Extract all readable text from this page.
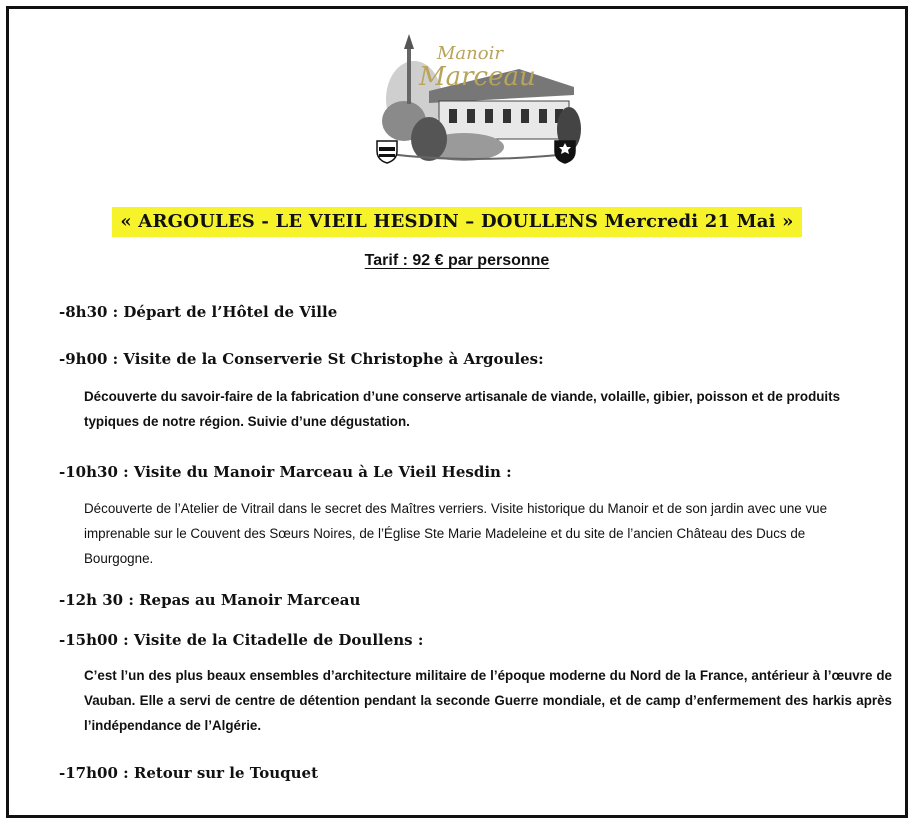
Manoir
Marceau
« ARGOULES - LE VIEIL HESDIN – DOULLENS Mercredi 21 Mai »
Tarif : 92 € par personne
-8h30 : Départ de l’Hôtel de Ville
-9h00 : Visite de la Conserverie St Christophe à Argoules:
Découverte du savoir-faire de la fabrication d’une conserve artisanale de viande, volaille, gibier, poisson et de produits typiques de notre région. Suivie d’une dégustation.
-10h30 : Visite du Manoir Marceau à Le Vieil Hesdin :
Découverte de l’Atelier de Vitrail dans le secret des Maîtres verriers. Visite historique du Manoir et de son jardin avec une vue imprenable sur le Couvent des Sœurs Noires, de l’Église Ste Marie Madeleine et du site de l’ancien Château des Ducs de Bourgogne.
-12h 30 : Repas au Manoir Marceau
-15h00 : Visite de la Citadelle de Doullens :
C’est l’un des plus beaux ensembles d’architecture militaire de l’époque moderne du Nord de la France, antérieur à l’œuvre de Vauban. Elle a servi de centre de détention pendant la seconde Guerre mondiale, et de camp d’enfermement des harkis après l’indépendance de l’Algérie.
-17h00 : Retour sur le Touquet
